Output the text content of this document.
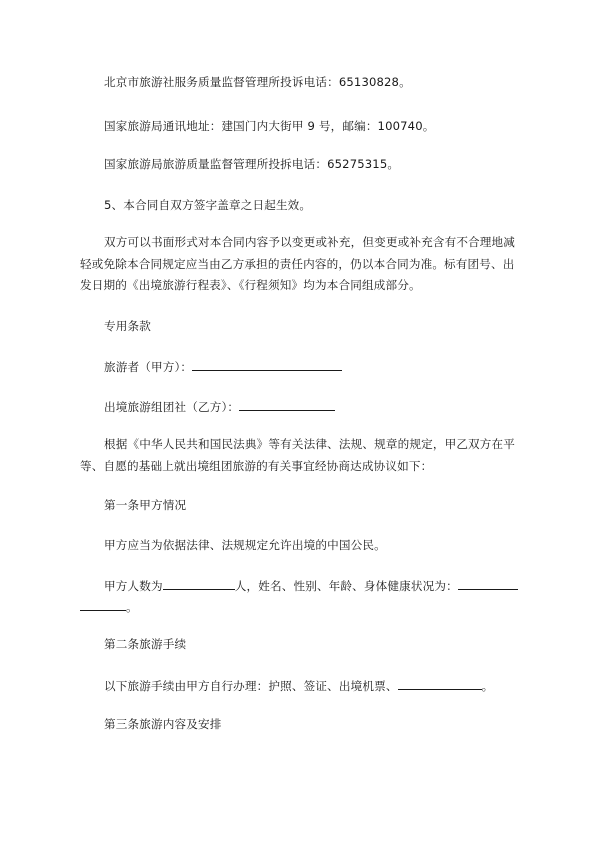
北京市旅游社服务质量监督管理所投诉电话：65130828。
国家旅游局通讯地址：建国门内大街甲 9 号，邮编：100740。
国家旅游局旅游质量监督管理所投拆电话：65275315。
5、本合同自双方签字盖章之日起生效。
双方可以书面形式对本合同内容予以变更或补充，但变更或补充含有不合理地减
轻或免除本合同规定应当由乙方承担的责任内容的，仍以本合同为准。标有团号、出
发日期的《出境旅游行程表》、《行程须知》均为本合同组成部分。
专用条款
旅游者（甲方）：
出境旅游组团社（乙方）：
根据《中华人民共和国民法典》等有关法律、法规、规章的规定，甲乙双方在平
等、自愿的基础上就出境组团旅游的有关事宜经协商达成协议如下：
第一条甲方情况
甲方应当为依据法律、法规规定允许出境的中国公民。
甲方人数为	人，姓名、性别、年龄、身体健康状况为：
。
第二条旅游手续
以下旅游手续由甲方自行办理：护照、签证、出境机票、	。
第三条旅游内容及安排
